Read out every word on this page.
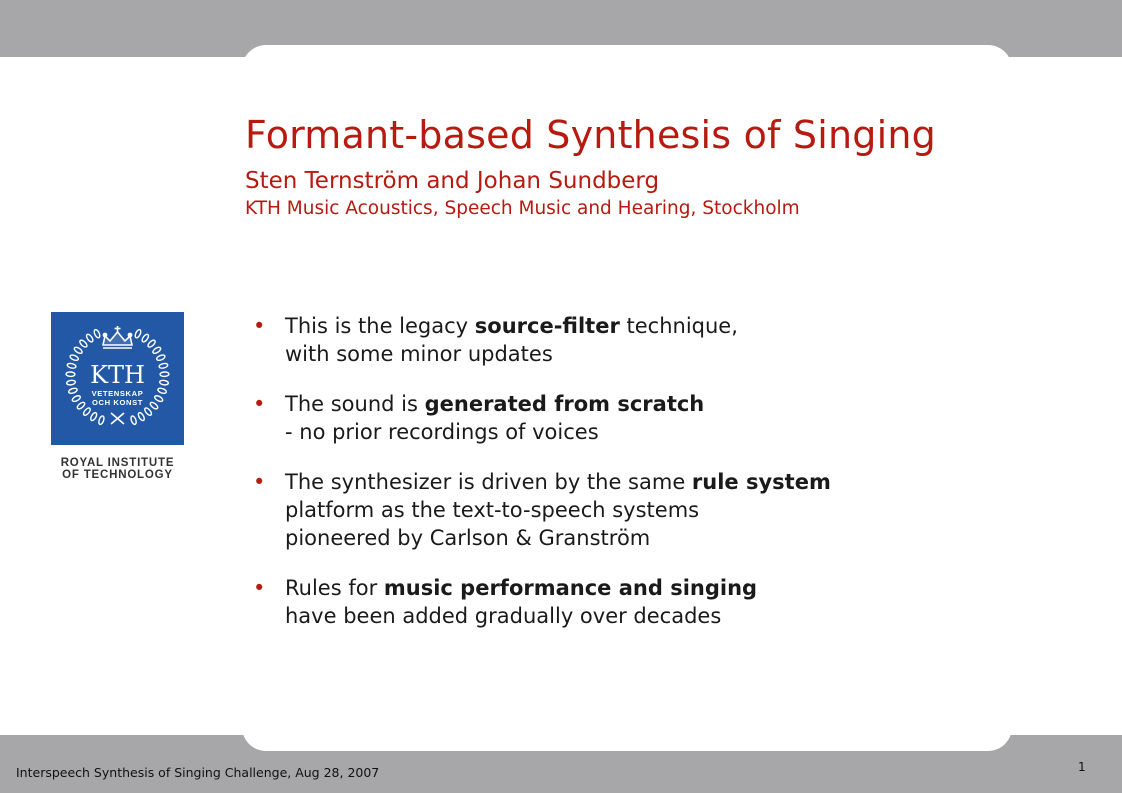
Formant-based Synthesis of Singing
Sten Ternström and Johan Sundberg
KTH Music Acoustics, Speech Music and Hearing, Stockholm
KTH
VETENSKAP
OCH KONST
ROYAL INSTITUTE
OF TECHNOLOGY
• This is the legacy source-filter technique,
with some minor updates
• The sound is generated from scratch
- no prior recordings of voices
• The synthesizer is driven by the same rule system
platform as the text-to-speech systems
pioneered by Carlson & Granström
• Rules for music performance and singing
have been added gradually over decades
Interspeech Synthesis of Singing Challenge, Aug 28, 2007	1
